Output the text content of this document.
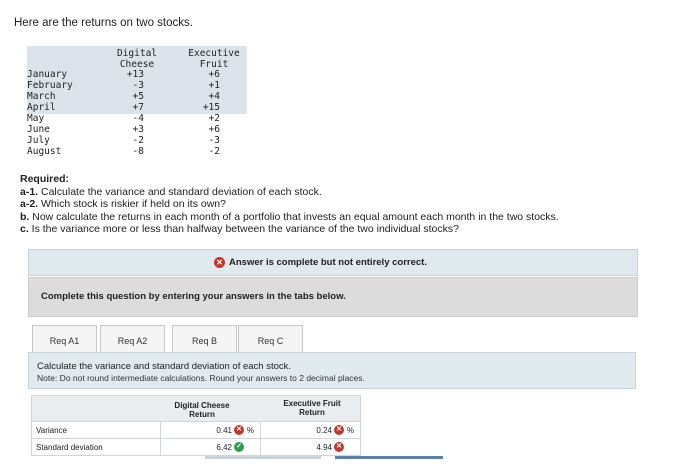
Here are the returns on two stocks.
Digital
Cheese
Executive
Fruit
January	+13	+6
February	-3	+1
March	+5	+4
April	+7	+15
May	-4	+2
June	+3	+6
July	-2	-3
August	-8	-2
Required:
a-1. Calculate the variance and standard deviation of each stock.
a-2. Which stock is riskier if held on its own?
b. Now calculate the returns in each month of a portfolio that invests an equal amount each month in the two stocks.
c. Is the variance more or less than halfway between the variance of the two individual stocks?
✕ Answer is complete but not entirely correct.
Complete this question by entering your answers in the tabs below.
Req A1	Req A2	Req B	Req C
Calculate the variance and standard deviation of each stock.
Note: Do not round intermediate calculations. Round your answers to 2 decimal places.
Digital Cheese
Return
Executive Fruit
Return
Variance	0.41 ✕ %	0.24 ✕ %
Standard deviation	6.42 ✓	4.94 ✕
